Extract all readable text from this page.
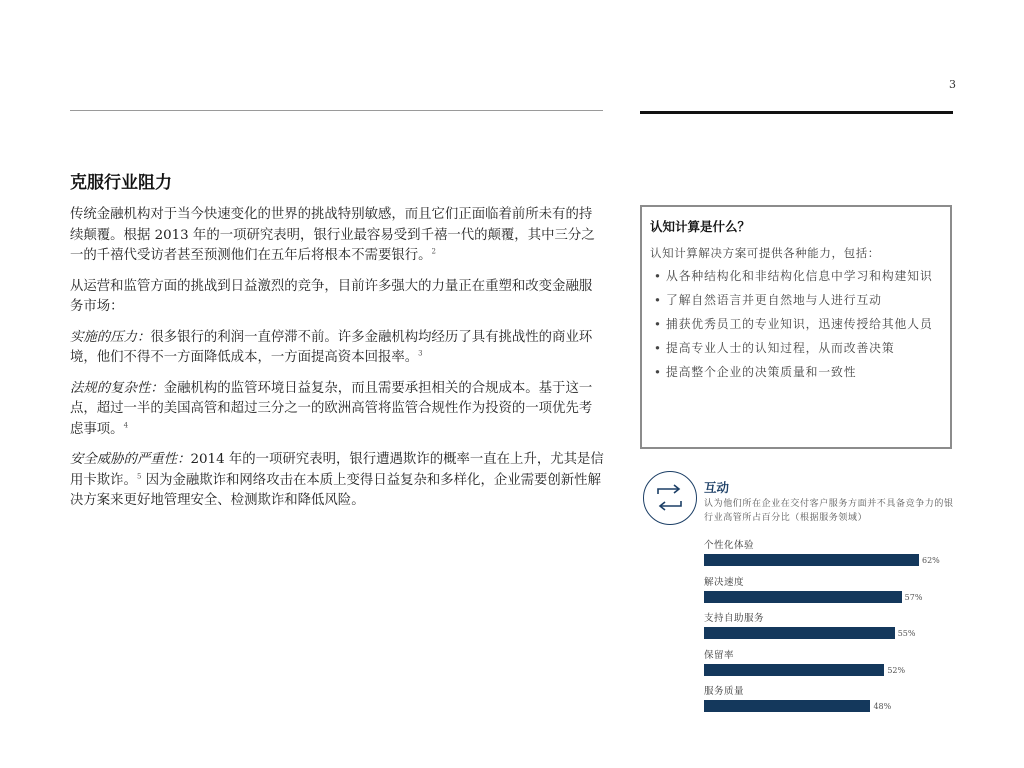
3
克服行业阻力

传统金融机构对于当今快速变化的世界的挑战特别敏感，而且它们正面临着前所未有的持续颠覆。根据 2013 年的一项研究表明，银行业最容易受到千禧一代的颠覆，其中三分之一的千禧代受访者甚至预测他们在五年后将根本不需要银行。$^2$

从运营和监管方面的挑战到日益激烈的竞争，目前许多强大的力量正在重塑和改变金融服务市场：

实施的压力：很多银行的利润一直停滞不前。许多金融机构均经历了具有挑战性的商业环境，他们不得不一方面降低成本，一方面提高资本回报率。$^3$

法规的复杂性：金融机构的监管环境日益复杂，而且需要承担相关的合规成本。基于这一点，超过一半的美国高管和超过三分之一的欧洲高管将监管合规性作为投资的一项优先考虑事项。$^4$

安全威胁的严重性：2014 年的一项研究表明，银行遭遇欺诈的概率一直在上升，尤其是信用卡欺诈。$^5$ 因为金融欺诈和网络攻击在本质上变得日益复杂和多样化，企业需要创新性解决方案来更好地管理安全、检测欺诈和降低风险。

认知计算是什么？
认知计算解决方案可提供各种能力，包括：
• 从各种结构化和非结构化信息中学习和构建知识
• 了解自然语言并更自然地与人进行互动
• 捕获优秀员工的专业知识，迅速传授给其他人员
• 提高专业人士的认知过程，从而改善决策
• 提高整个企业的决策质量和一致性
互动
认为他们所在企业在交付客户服务方面并不具备竞争力的银行业高管所占百分比（根据服务领域）
个性化体验
62%
解决速度
57%
支持自助服务
55%
保留率
52%
服务质量
48%
